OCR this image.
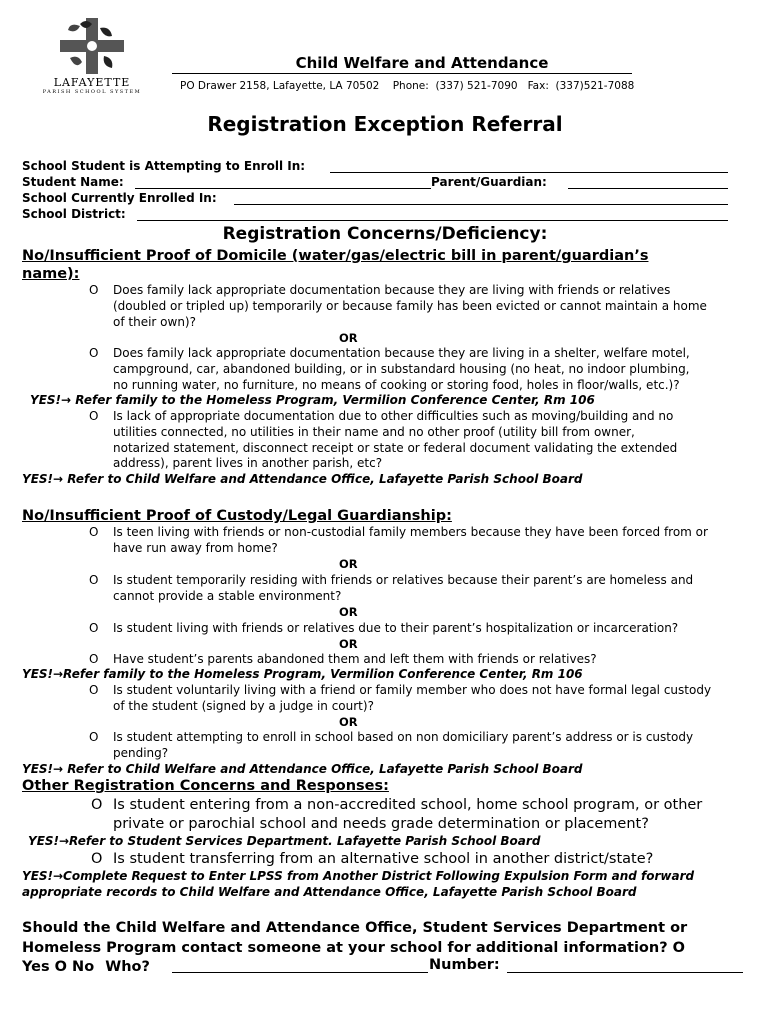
LAFAYETTE
PARISH SCHOOL SYSTEM
Child Welfare and Attendance
PO Drawer 2158, Lafayette, LA 70502 Phone:  (337) 521-7090 Fax:  (337)521-7088
Registration Exception Referral
School Student is Attempting to Enroll In:
Student Name:	Parent/Guardian:
School Currently Enrolled In:
School District:
Registration Concerns/Deficiency:
No/Insufficient Proof of Domicile (water/gas/electric bill in parent/guardian’s
name):
O Does family lack appropriate documentation because they are living with friends or relatives
(doubled or tripled up) temporarily or because family has been evicted or cannot maintain a home
of their own)?
OR
O Does family lack appropriate documentation because they are living in a shelter, welfare motel,
campground, car, abandoned building, or in substandard housing (no heat, no indoor plumbing,
no running water, no furniture, no means of cooking or storing food, holes in floor/walls, etc.)?
YES!→ Refer family to the Homeless Program, Vermilion Conference Center, Rm 106
O Is lack of appropriate documentation due to other difficulties such as moving/building and no
utilities connected, no utilities in their name and no other proof (utility bill from owner,
notarized statement, disconnect receipt or state or federal document validating the extended
address), parent lives in another parish, etc?
YES!→ Refer to Child Welfare and Attendance Office, Lafayette Parish School Board
No/Insufficient Proof of Custody/Legal Guardianship:
O Is teen living with friends or non-custodial family members because they have been forced from or
have run away from home?
OR
O Is student temporarily residing with friends or relatives because their parent’s are homeless and
cannot provide a stable environment?
OR
O Is student living with friends or relatives due to their parent’s hospitalization or incarceration?
OR
O Have student’s parents abandoned them and left them with friends or relatives?
YES!→Refer family to the Homeless Program, Vermilion Conference Center, Rm 106
O Is student voluntarily living with a friend or family member who does not have formal legal custody
of the student (signed by a judge in court)?
OR
O Is student attempting to enroll in school based on non domiciliary parent’s address or is custody
pending?
YES!→ Refer to Child Welfare and Attendance Office, Lafayette Parish School Board
Other Registration Concerns and Responses:
O Is student entering from a non-accredited school, home school program, or other
private or parochial school and needs grade determination or placement?
YES!→Refer to Student Services Department. Lafayette Parish School Board
O Is student transferring from an alternative school in another district/state?
YES!→Complete Request to Enter LPSS from Another District Following Expulsion Form and forward
appropriate records to Child Welfare and Attendance Office, Lafayette Parish School Board
Should the Child Welfare and Attendance Office, Student Services Department or
Homeless Program contact someone at your school for additional information? O
Yes O No Who?	Number:
